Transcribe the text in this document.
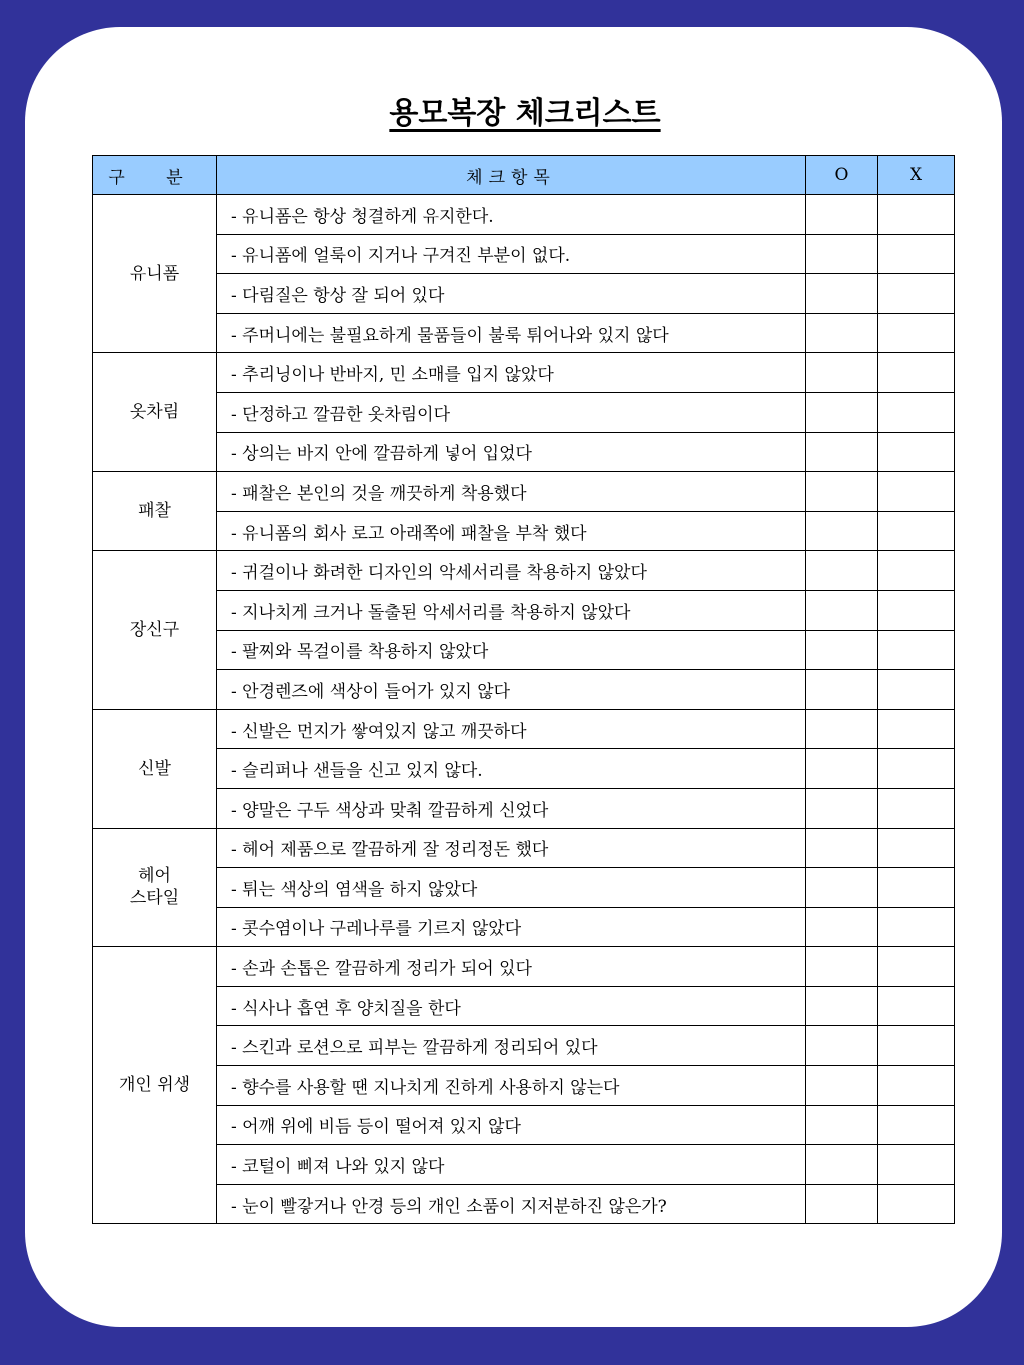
용모복장 체크리스트
구 분	체크항목	O	X

유니폼	- 유니폼은 항상 청결하게 유지한다.		
	- 유니폼에 얼룩이 지거나 구겨진 부분이 없다.		
	- 다림질은 항상 잘 되어 있다		
	- 주머니에는 불필요하게 물품들이 불룩 튀어나와 있지 않다		

옷차림	- 추리닝이나 반바지, 민 소매를 입지 않았다		
	- 단정하고 깔끔한 옷차림이다		
	- 상의는 바지 안에 깔끔하게 넣어 입었다		

패찰	- 패찰은 본인의 것을 깨끗하게 착용했다		
	- 유니폼의 회사 로고 아래쪽에 패찰을 부착 했다		

장신구	- 귀걸이나 화려한 디자인의 악세서리를 착용하지 않았다		
	- 지나치게 크거나 돌출된 악세서리를 착용하지 않았다		
	- 팔찌와 목걸이를 착용하지 않았다		
	- 안경렌즈에 색상이 들어가 있지 않다		

신발	- 신발은 먼지가 쌓여있지 않고 깨끗하다		
	- 슬리퍼나 샌들을 신고 있지 않다.		
	- 양말은 구두 색상과 맞춰 깔끔하게 신었다		

헤어
스타일	- 헤어 제품으로 깔끔하게 잘 정리정돈 했다		
	- 튀는 색상의 염색을 하지 않았다		
	- 콧수염이나 구레나루를 기르지 않았다		

개인 위생	- 손과 손톱은 깔끔하게 정리가 되어 있다		
	- 식사나 흡연 후 양치질을 한다		
	- 스킨과 로션으로 피부는 깔끔하게 정리되어 있다		
	- 향수를 사용할 땐 지나치게 진하게 사용하지 않는다		
	- 어깨 위에 비듬 등이 떨어져 있지 않다		
	- 코털이 삐져 나와 있지 않다		
	- 눈이 빨갛거나 안경 등의 개인 소품이 지저분하진 않은가?		
